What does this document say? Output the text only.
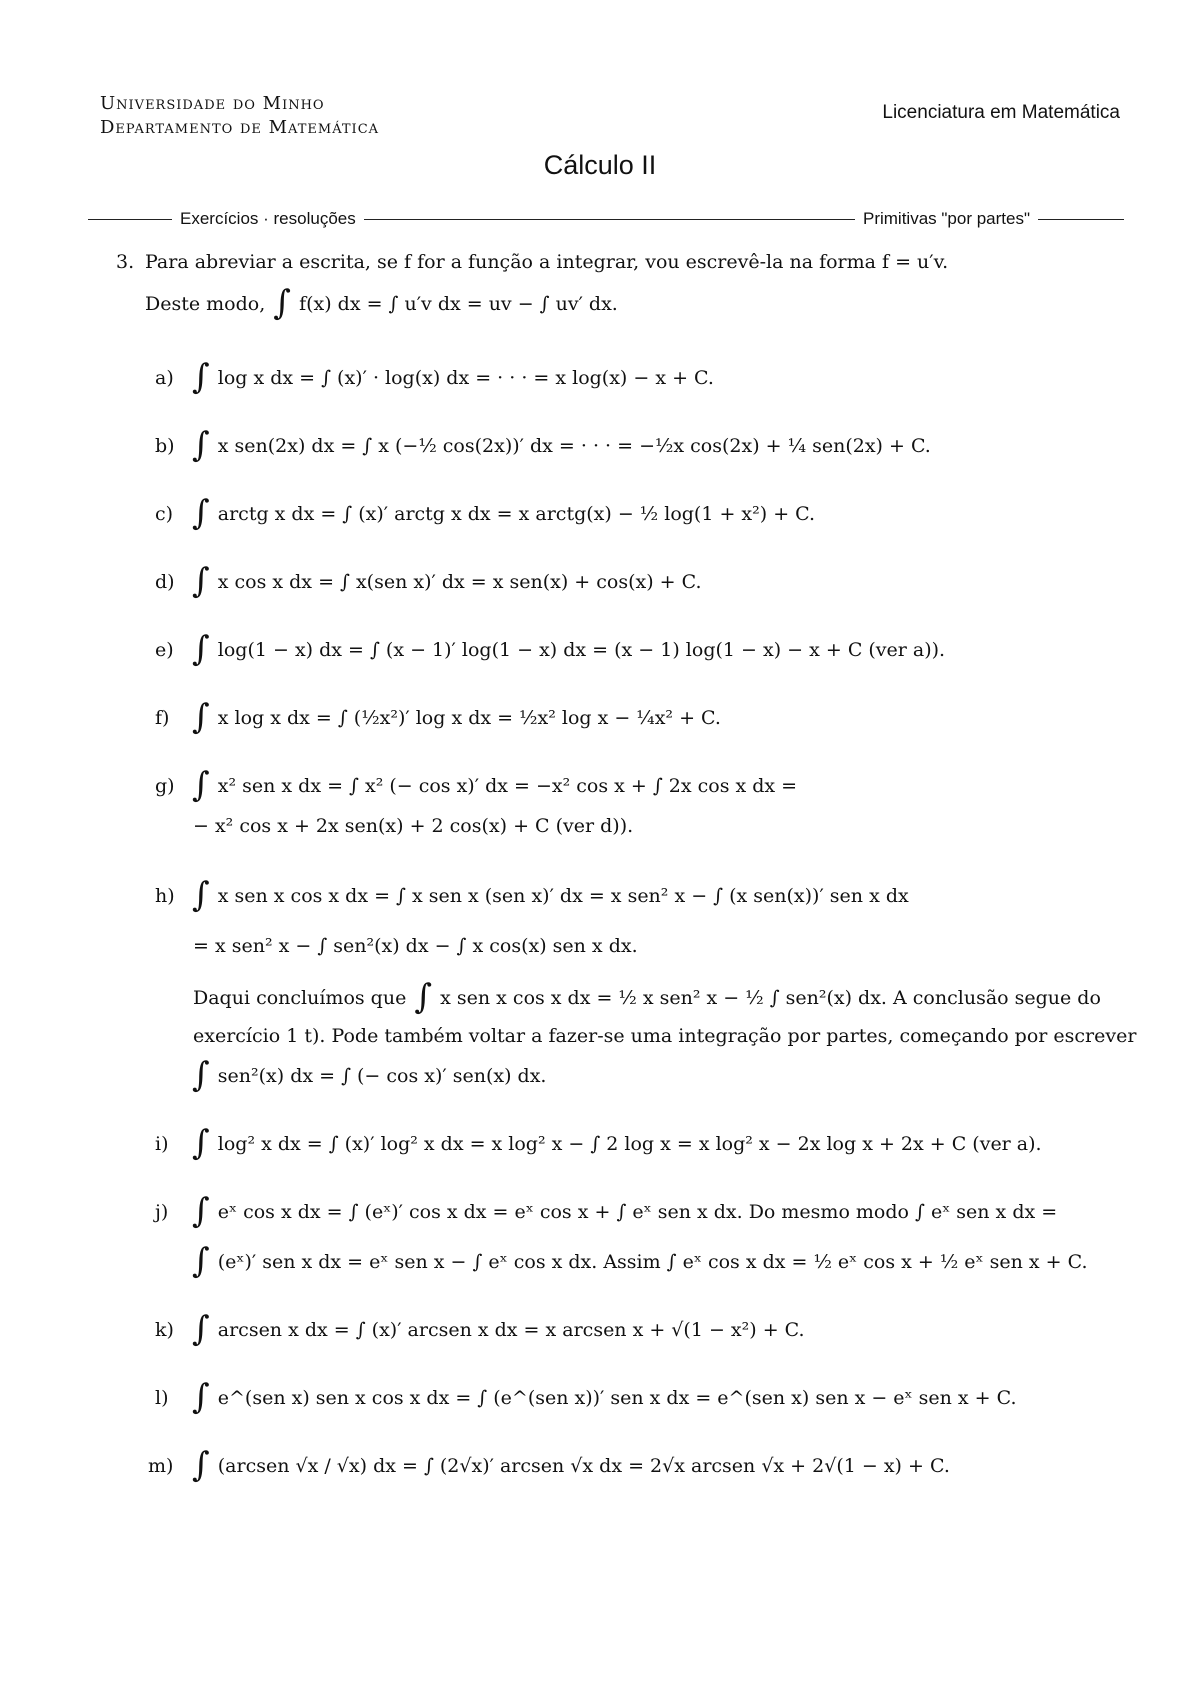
Universidade do Minho
Departamento de Matemática
Licenciatura em Matemática
Cálculo II
Exercícios · resoluções	Primitivas "por partes"
3. Para abreviar a escrita, se f for a função a integrar, vou escrevê-la na forma f = u′v.
Deste modo, ∫ f(x) dx = ∫ u′v dx = uv − ∫ uv′ dx.
a) ∫ log x dx = ∫ (x)′ · log(x) dx = · · · = x log(x) − x + C.
b) ∫ x sen(2x) dx = ∫ x (−½ cos(2x))′ dx = · · · = −½x cos(2x) + ¼ sen(2x) + C.
c) ∫ arctg x dx = ∫ (x)′ arctg x dx = x arctg(x) − ½ log(1 + x²) + C.
d) ∫ x cos x dx = ∫ x(sen x)′ dx = x sen(x) + cos(x) + C.
e) ∫ log(1 − x) dx = ∫ (x − 1)′ log(1 − x) dx = (x − 1) log(1 − x) − x + C (ver a)).
f) ∫ x log x dx = ∫ (½x²)′ log x dx = ½x² log x − ¼x² + C.
g) ∫ x² sen x dx = ∫ x² (− cos x)′ dx = −x² cos x + ∫ 2x cos x dx =
− x² cos x + 2x sen(x) + 2 cos(x) + C (ver d)).
h) ∫ x sen x cos x dx = ∫ x sen x (sen x)′ dx = x sen² x − ∫ (x sen(x))′ sen x dx
= x sen² x − ∫ sen²(x) dx − ∫ x cos(x) sen x dx.
Daqui concluímos que ∫ x sen x cos x dx = ½ x sen² x − ½ ∫ sen²(x) dx. A conclusão segue do
exercício 1 t). Pode também voltar a fazer-se uma integração por partes, começando por escrever
∫ sen²(x) dx = ∫ (− cos x)′ sen(x) dx.
i) ∫ log² x dx = ∫ (x)′ log² x dx = x log² x − ∫ 2 log x = x log² x − 2x log x + 2x + C (ver a).
j) ∫ eˣ cos x dx = ∫ (eˣ)′ cos x dx = eˣ cos x + ∫ eˣ sen x dx. Do mesmo modo ∫ eˣ sen x dx =
∫ (eˣ)′ sen x dx = eˣ sen x − ∫ eˣ cos x dx. Assim ∫ eˣ cos x dx = ½ eˣ cos x + ½ eˣ sen x + C.
k) ∫ arcsen x dx = ∫ (x)′ arcsen x dx = x arcsen x + √(1 − x²) + C.
l) ∫ e^(sen x) sen x cos x dx = ∫ (e^(sen x))′ sen x dx = e^(sen x) sen x − eˣ sen x + C.
m) ∫ (arcsen √x / √x) dx = ∫ (2√x)′ arcsen √x dx = 2√x arcsen √x + 2√(1 − x) + C.
